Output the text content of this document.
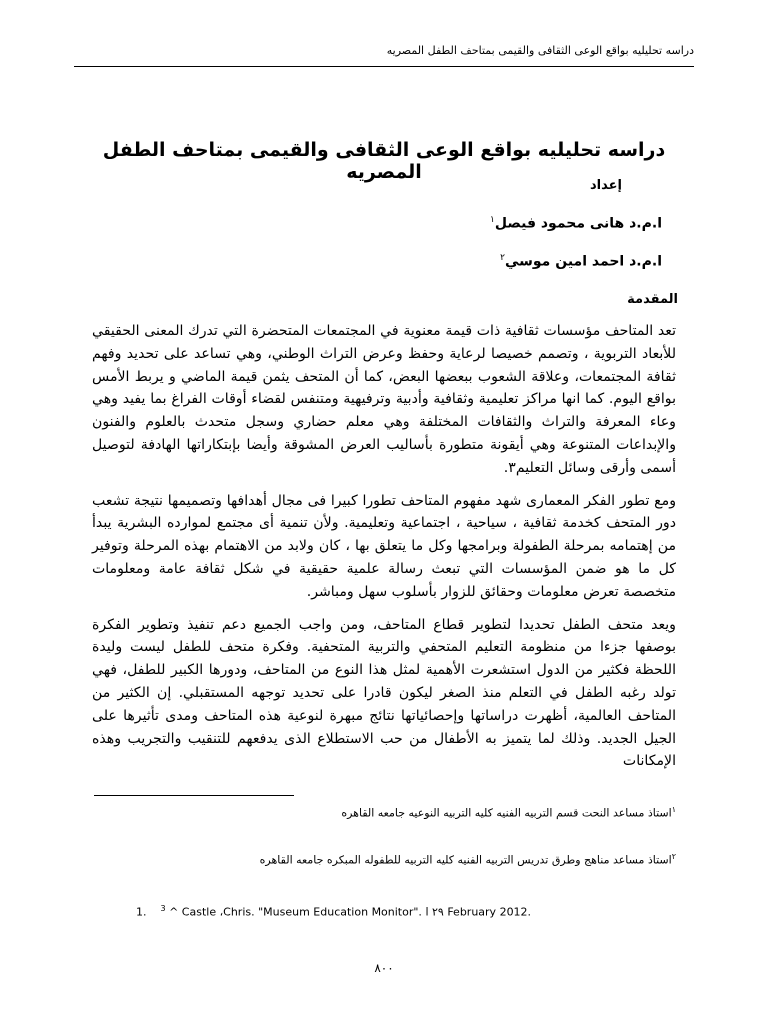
دراسه تحليليه بواقع الوعى الثقافى والقيمى بمتاحف الطفل المصريه
دراسه تحليليه بواقع الوعى الثقافى والقيمى بمتاحف الطفل المصريه
إعداد
ا.م.د هانى محمود فيصل$^١$
ا.م.د احمد امين موسي$^٢$
المقدمة

تعد المتاحف مؤسسات ثقافية ذات قيمة معنوية في المجتمعات المتحضرة التي تدرك المعنى الحقيقي للأبعاد التربوية ، وتصمم خصيصا لرعاية وحفظ وعرض التراث الوطني، وهي تساعد على تحديد وفهم ثقافة المجتمعات، وعلاقة الشعوب ببعضها البعض، كما أن المتحف يثمن قيمة الماضي و يربط الأمس بواقع اليوم. كما انها مراكز تعليمية وثقافية وأدبية وترفيهية ومتنفس لقضاء أوقات الفراغ بما يفيد وهي وعاء المعرفة والتراث والثقافات المختلفة وهي معلم حضاري وسجل متحدث بالعلوم والفنون والإبداعات المتنوعة وهي أيقونة متطورة بأساليب العرض المشوقة وأيضا بإبتكاراتها الهادفة لتوصيل أسمى وأرقى وسائل التعليم٣.

ومع تطور الفكر المعمارى شهد مفهوم المتاحف تطورا كبيرا فى مجال أهدافها وتصميمها نتيجة تشعب دور المتحف كخدمة ثقافية ، سياحية ، اجتماعية وتعليمية. ولأن تنمية أى مجتمع لموارده البشرية يبدأ من إهتمامه بمرحلة الطفولة وبرامجها وكل ما يتعلق بها ، كان ولابد من الاهتمام بهذه المرحلة وتوفير كل ما هو ضمن المؤسسات التي تبعث رسالة علمية حقيقية في شكل ثقافة عامة ومعلومات متخصصة تعرض معلومات وحقائق للزوار بأسلوب سهل ومباشر.

ويعد متحف الطفل تحديدا لتطوير قطاع المتاحف، ومن واجب الجميع دعم تنفيذ وتطوير الفكرة بوصفها جزءا من منظومة التعليم المتحفي والتربية المتحفية. وفكرة متحف للطفل ليست وليدة اللحظة فكثير من الدول استشعرت الأهمية لمثل هذا النوع من المتاحف، ودورها الكبير للطفل، فهي تولد رغبه الطفل في التعلم منذ الصغر ليكون قادرا على تحديد توجهه المستقبلي. إن الكثير من المتاحف العالمية، أظهرت دراساتها وإحصائياتها نتائج مبهرة لنوعية هذه المتاحف ومدى تأثيرها على الجيل الجديد. وذلك لما يتميز به الأطفال من حب الاستطلاع الذى يدفعهم للتنقيب والتجريب وهذه الإمكانات

$^١$استاذ مساعد النحت قسم التربيه الفنيه كليه التربيه النوعيه جامعه القاهره
$^٢$استاذ مساعد مناهج وطرق تدريس التربيه الفنيه كليه التربيه للطفوله المبكره جامعه القاهره
1. $^3$ ^ Castle ،Chris. "Museum Education Monitor". ٢٩ ا February 2012.
٨٠٠
